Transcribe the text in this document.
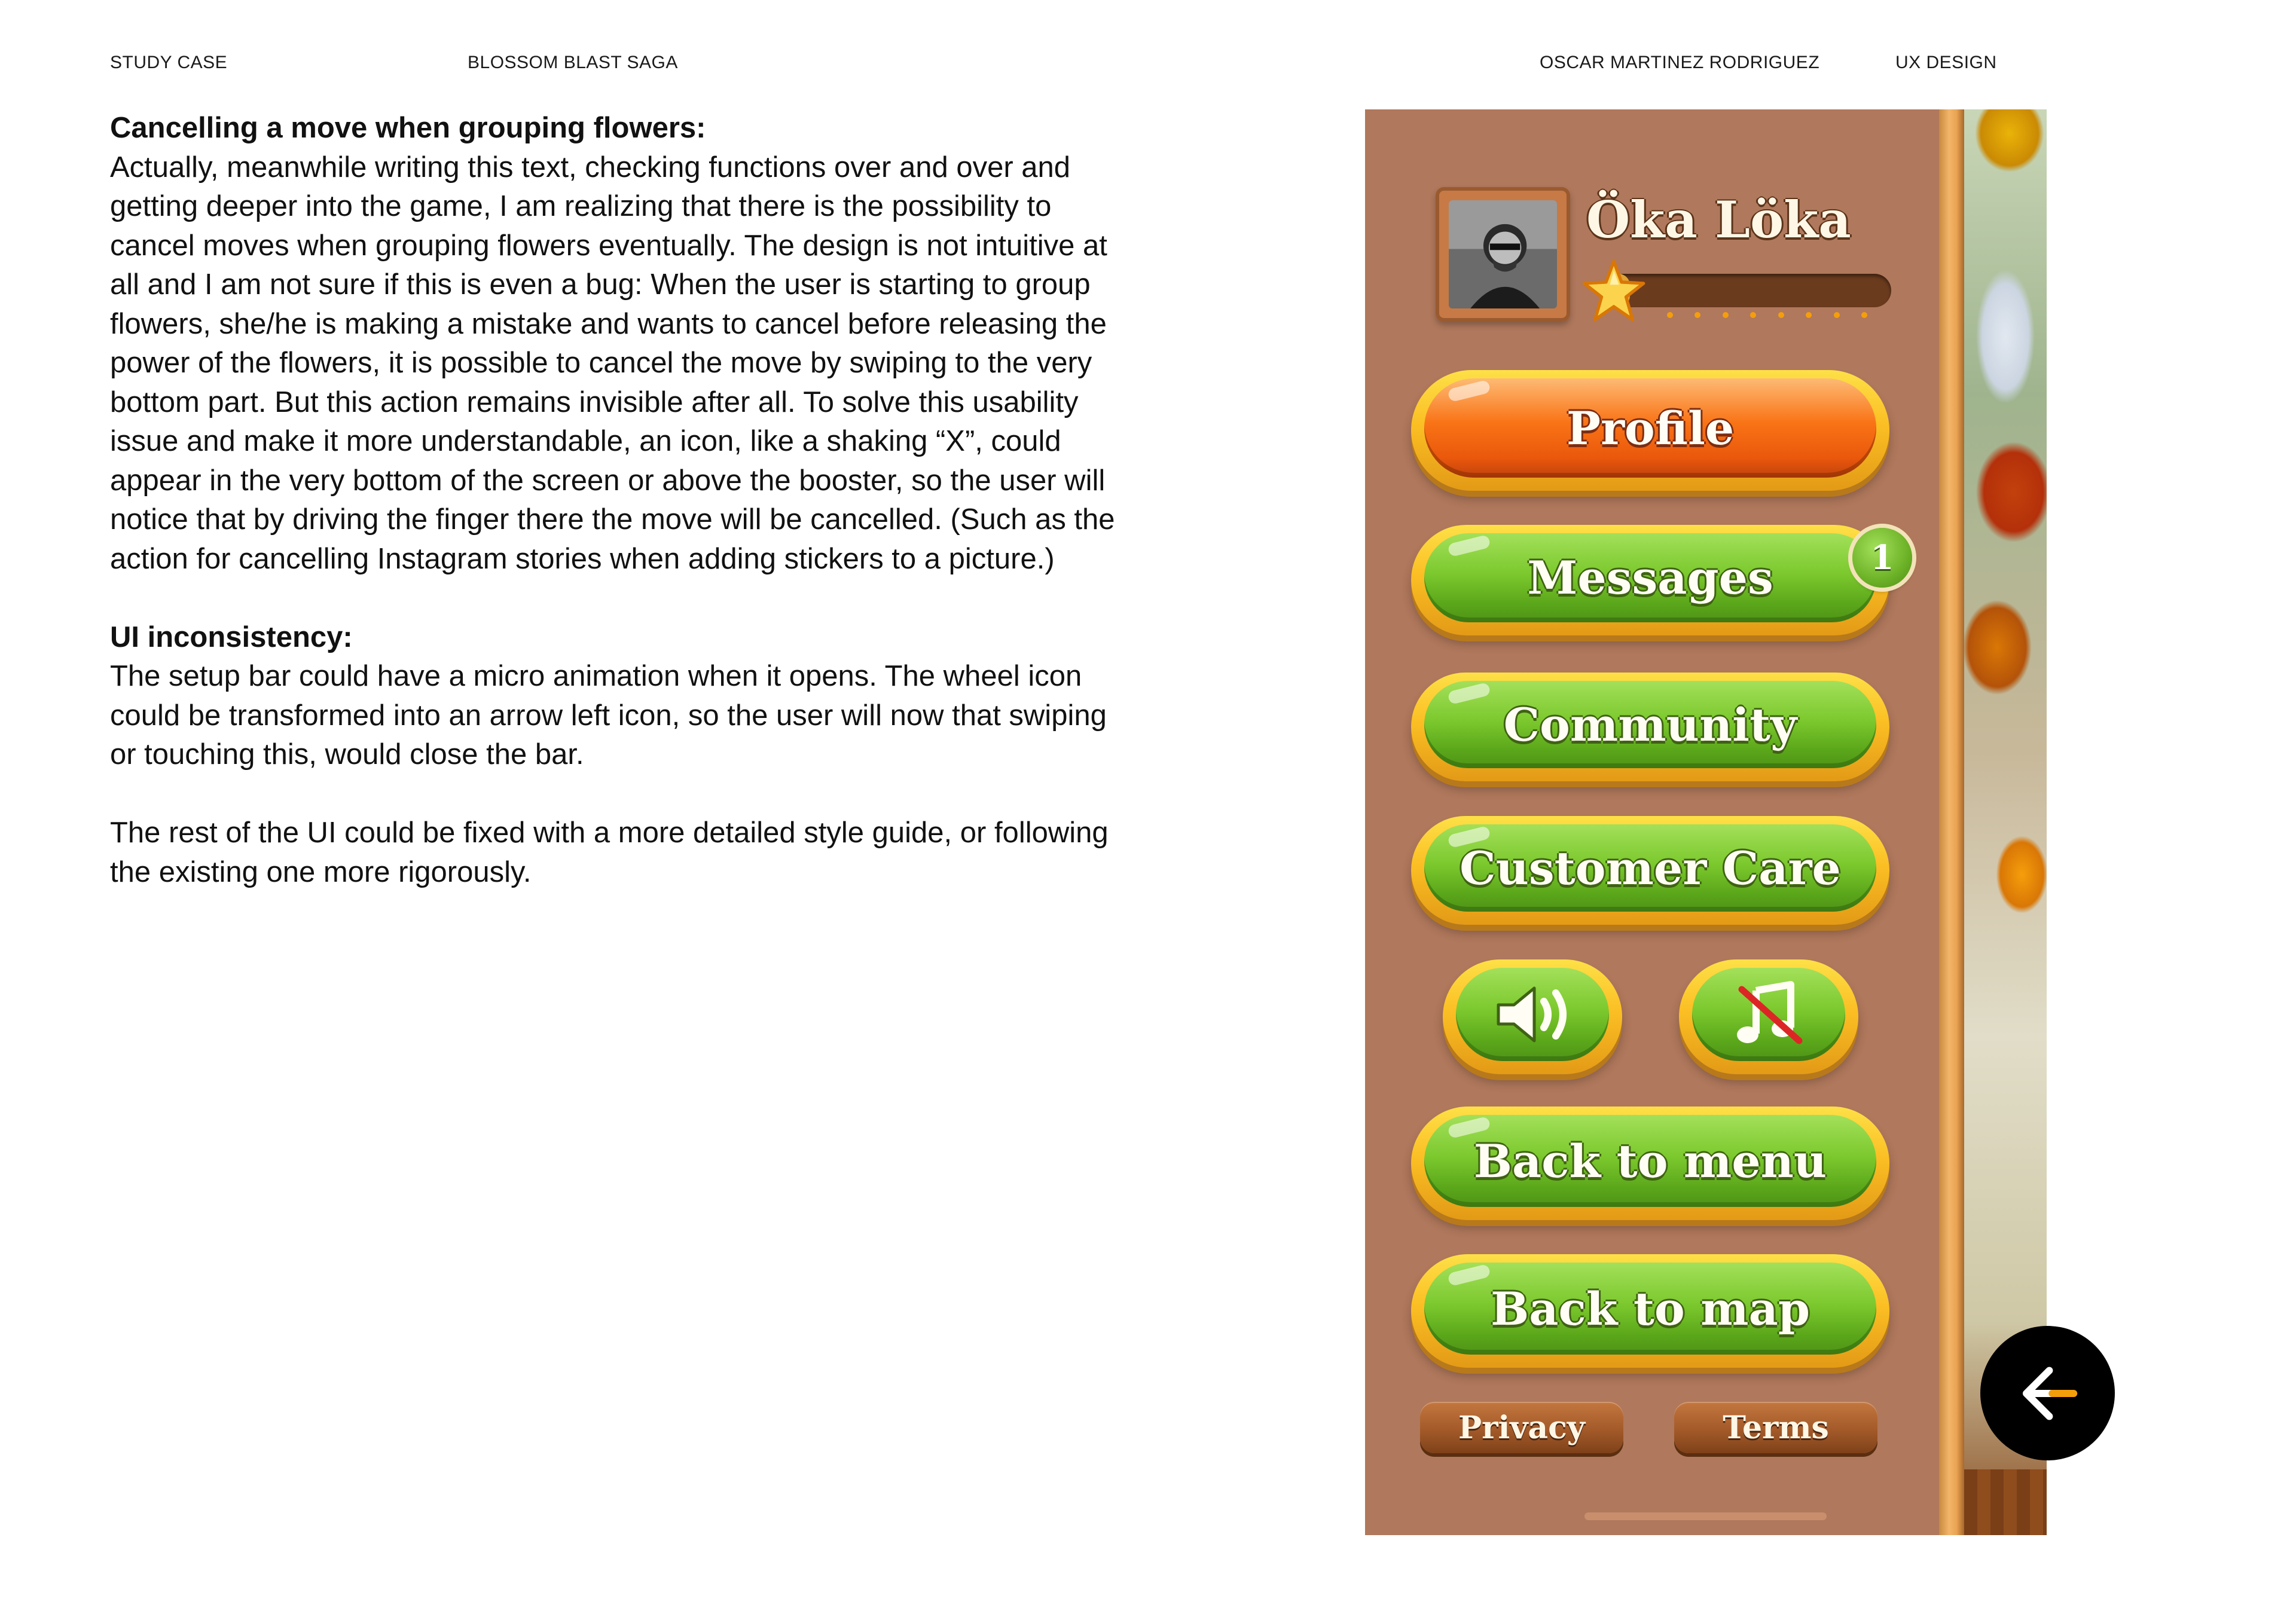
STUDY CASE	BLOSSOM BLAST SAGA	OSCAR MARTINEZ RODRIGUEZ	UX DESIGN
Cancelling a move when grouping flowers:

Actually, meanwhile writing this text, checking functions over and over and getting deeper into the game, I am realizing that there is the possibility to cancel moves when grouping flowers eventually. The design is not intuitive at all and I am not sure if this is even a bug: When the user is starting to group flowers, she/he is making a mistake and wants to cancel before releasing the power of the flowers, it is possible to cancel the move by swiping to the very bottom part. But this action remains invisible after all. To solve this usability issue and make it more understandable, an icon, like a shaking “X”, could appear in the very bottom of the screen or above the booster, so the user will notice that by driving the finger there the move will be cancelled. (Such as the action for cancelling Instagram stories when adding stickers to a picture.)

UI inconsistency:

The setup bar could have a micro animation when it opens. The wheel icon could be transformed into an arrow left icon, so the user will now that swiping or touching this, would close the bar.

The rest of the UI could be fixed with a more detailed style guide, or following the existing one more rigorously.

Öka Löka
Profile
Messages	1
Community
Customer Care
Back to menu
Back to map
Privacy	Terms
